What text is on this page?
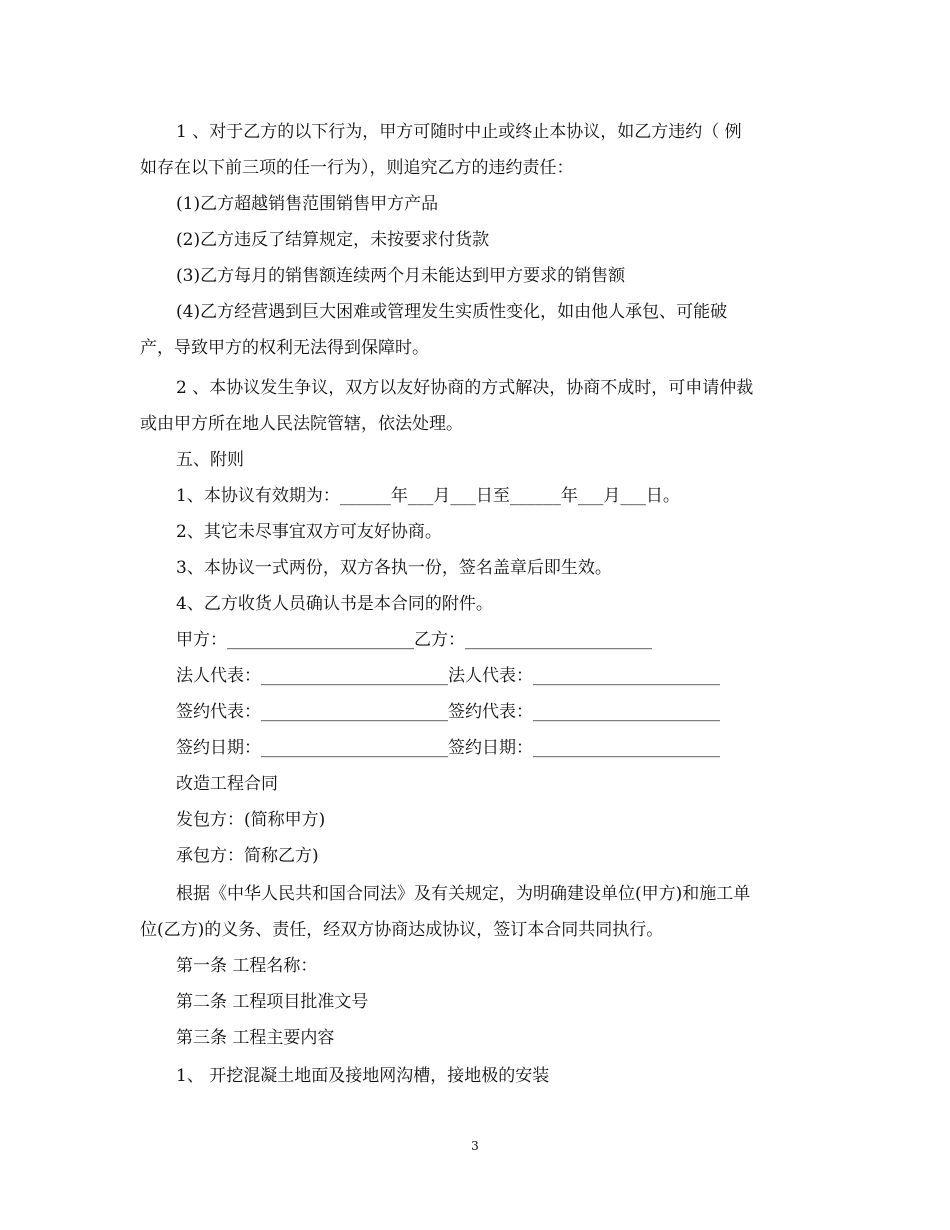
1 、对于乙方的以下行为，甲方可随时中止或终止本协议，如乙方违约（ 例
如存在以下前三项的任一行为），则追究乙方的违约责任：
(1)乙方超越销售范围销售甲方产品
(2)乙方违反了结算规定，未按要求付货款
(3)乙方每月的销售额连续两个月未能达到甲方要求的销售额
(4)乙方经营遇到巨大困难或管理发生实质性变化，如由他人承包、可能破
产，导致甲方的权利无法得到保障时。
2 、本协议发生争议，双方以友好协商的方式解决，协商不成时，可申请仲裁
或由甲方所在地人民法院管辖，依法处理。
五、附则
1、本协议有效期为：______年___月___日至______年___月___日。
2、其它未尽事宜双方可友好协商。
3、本协议一式两份，双方各执一份，签名盖章后即生效。
4、乙方收货人员确认书是本合同的附件。
甲方：______________________乙方：______________________
法人代表：______________________法人代表：______________________
签约代表：______________________签约代表：______________________
签约日期：______________________签约日期：______________________
改造工程合同
发包方：(简称甲方)
承包方：简称乙方)
根据《中华人民共和国合同法》及有关规定，为明确建设单位(甲方)和施工单
位(乙方)的义务、责任，经双方协商达成协议，签订本合同共同执行。
第一条 工程名称：
第二条 工程项目批准文号
第三条 工程主要内容
1、 开挖混凝土地面及接地网沟槽，接地极的安装
3
